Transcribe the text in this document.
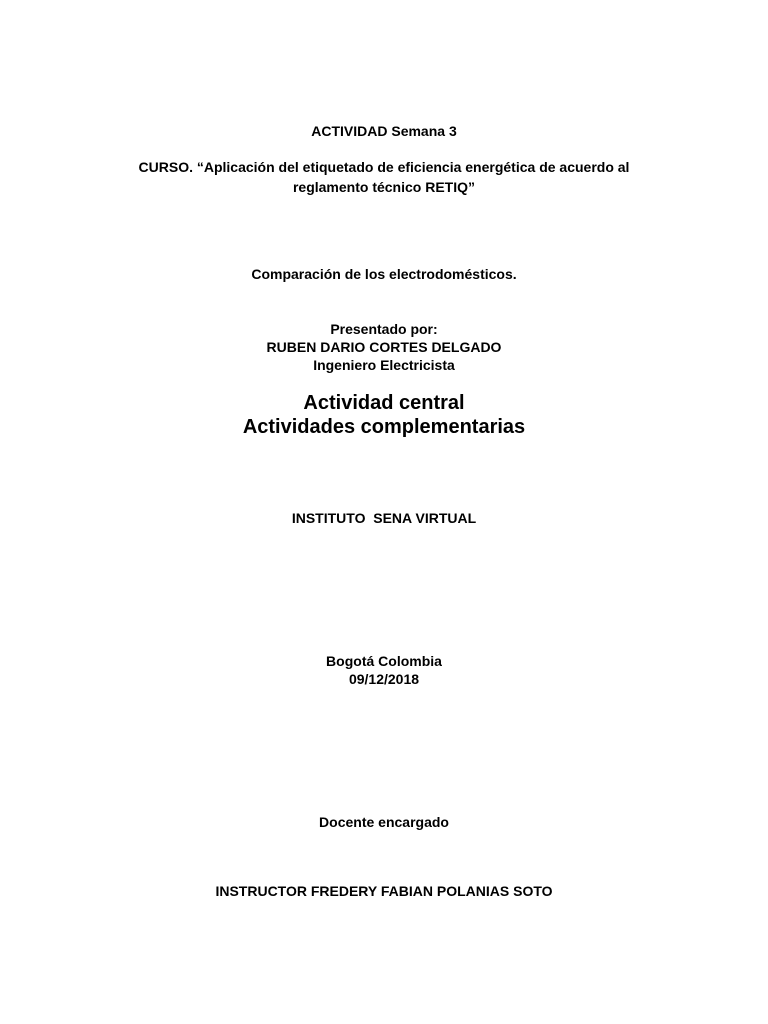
ACTIVIDAD Semana 3
CURSO. “Aplicación del etiquetado de eficiencia energética de acuerdo al
reglamento técnico RETIQ”
Comparación de los electrodomésticos.
Presentado por:
RUBEN DARIO CORTES DELGADO
Ingeniero Electricista
Actividad central
Actividades complementarias
INSTITUTO  SENA VIRTUAL
Bogotá Colombia
09/12/2018
Docente encargado
INSTRUCTOR FREDERY FABIAN POLANIAS SOTO
